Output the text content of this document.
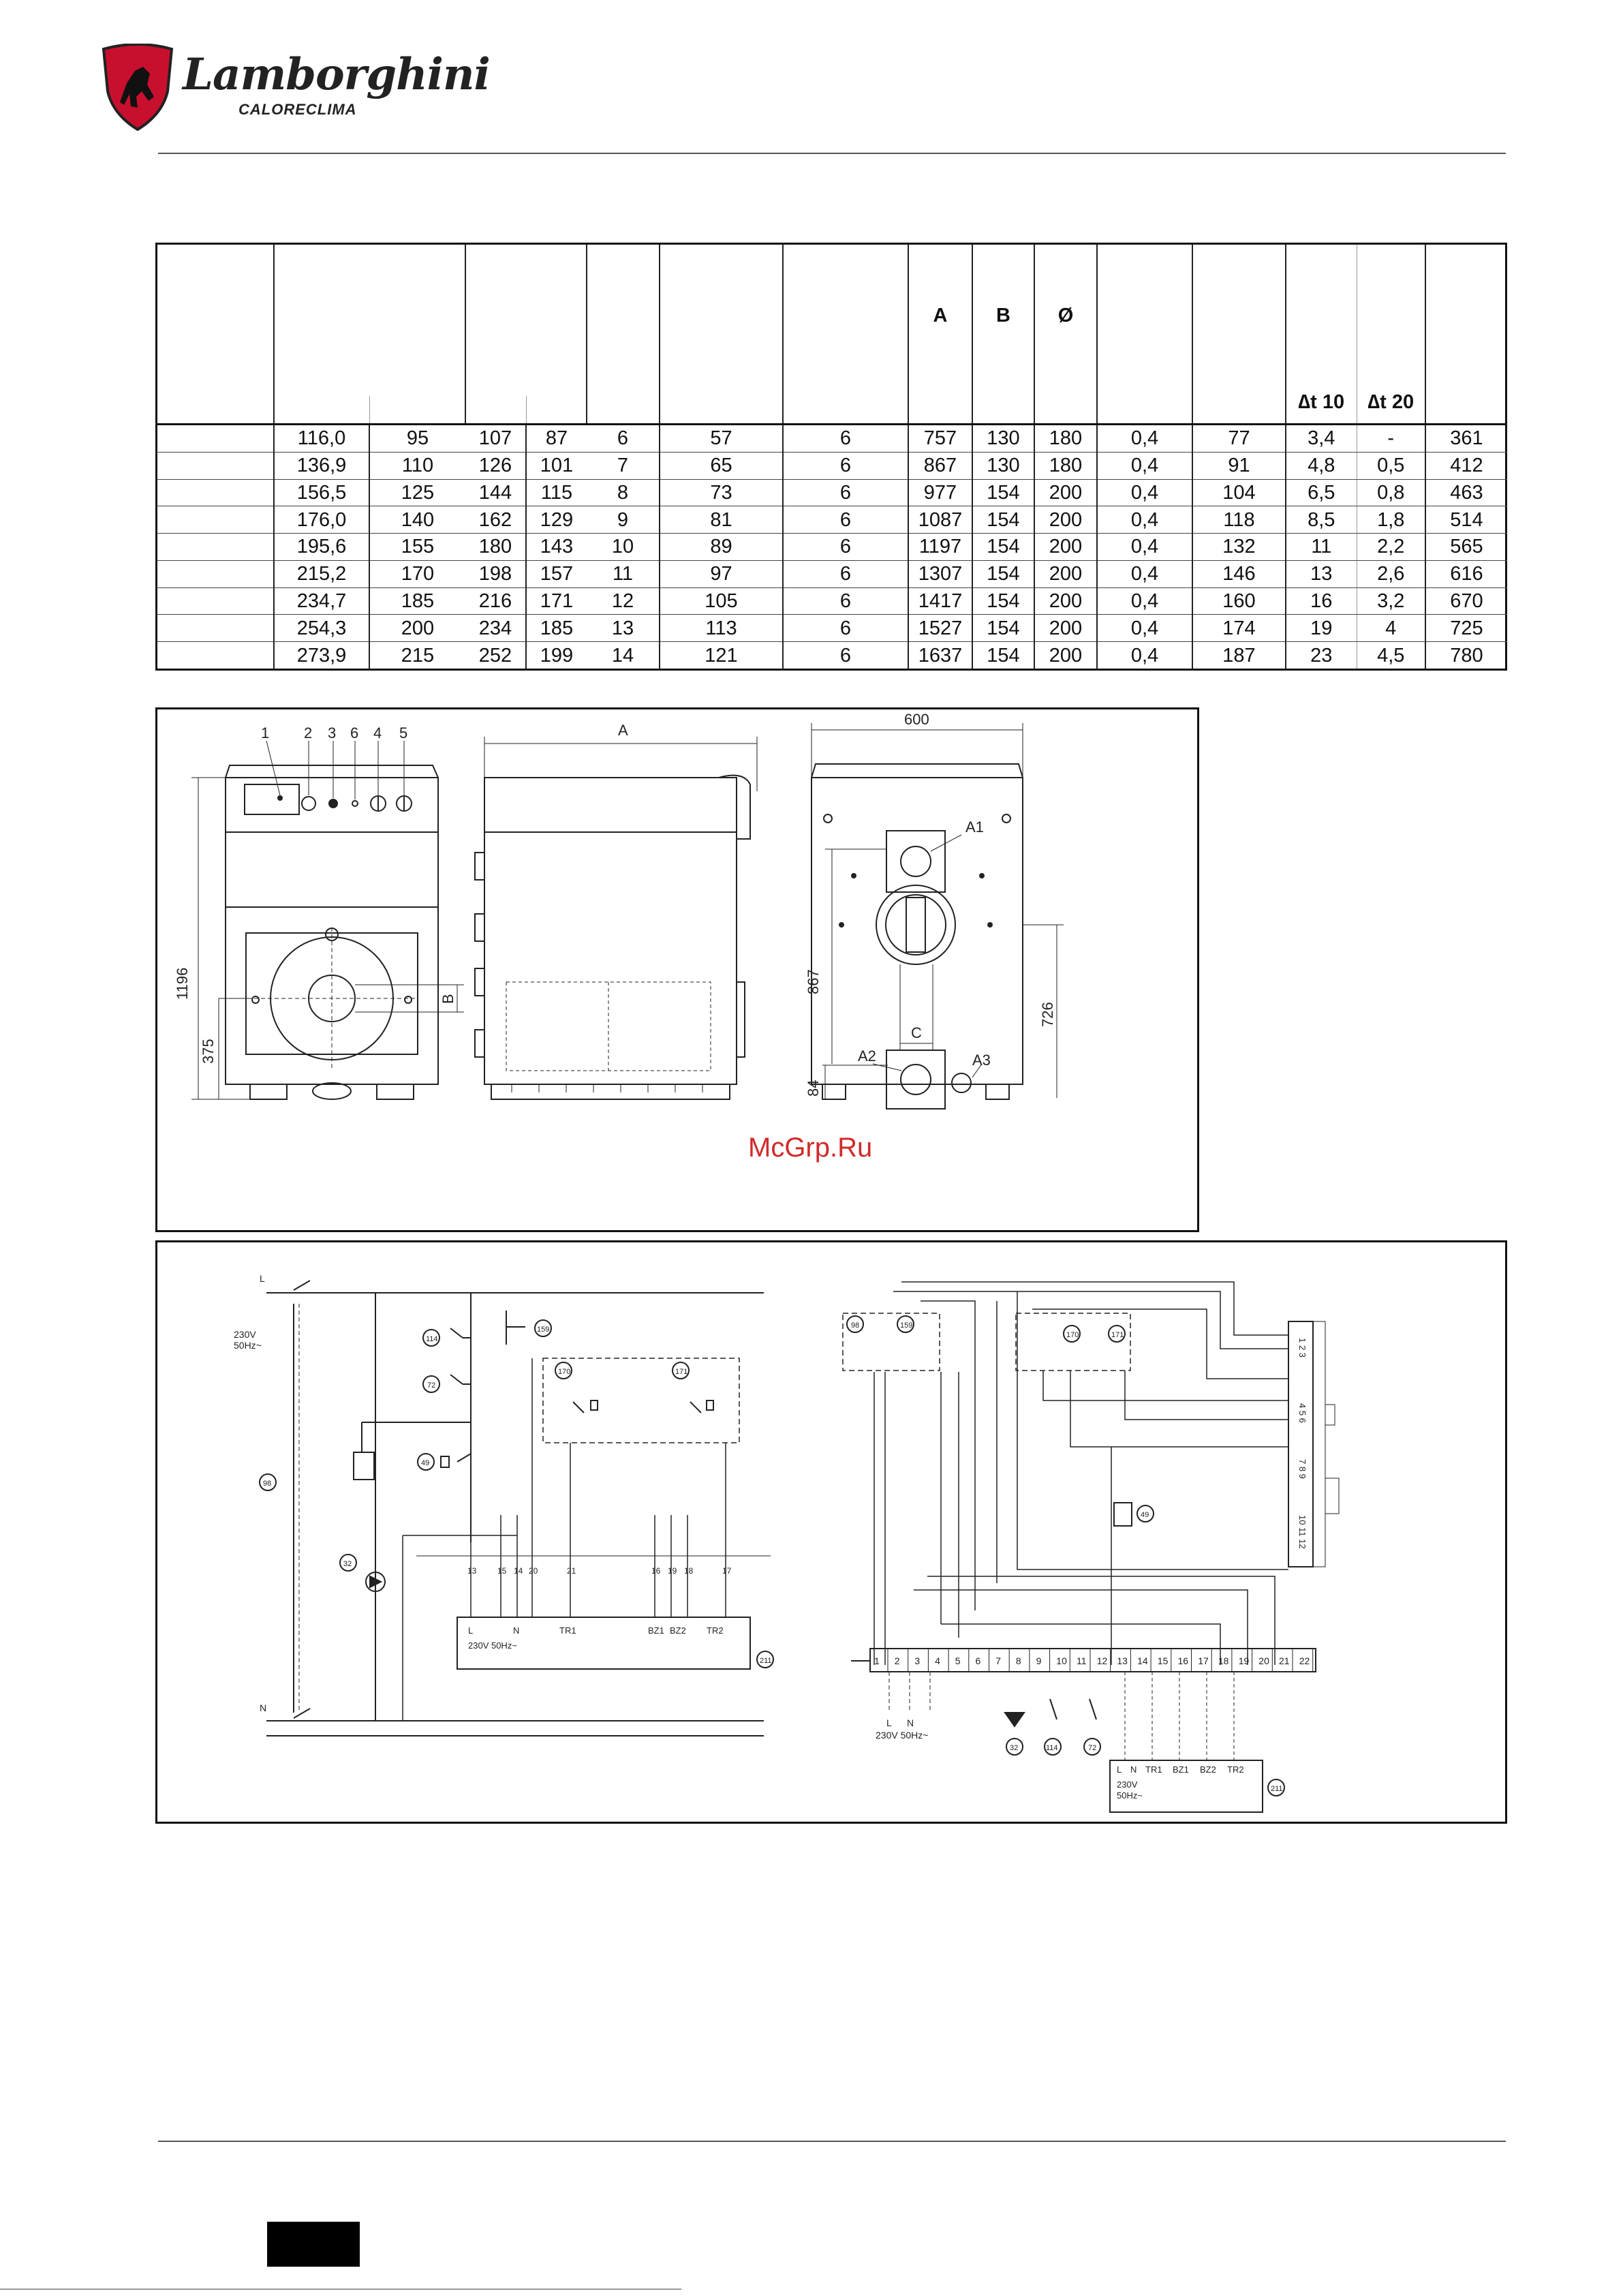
Lamborghini
CALORECLIMA

								A	B	Ø			∆t 10	∆t 20	

	116,0	95	107	87	6	57	6	757	130	180	0,4	77	3,4	-	361
	136,9	110	126	101	7	65	6	867	130	180	0,4	91	4,8	0,5	412
	156,5	125	144	115	8	73	6	977	154	200	0,4	104	6,5	0,8	463
	176,0	140	162	129	9	81	6	1087	154	200	0,4	118	8,5	1,8	514
	195,6	155	180	143	10	89	6	1197	154	200	0,4	132	11	2,2	565
	215,2	170	198	157	11	97	6	1307	154	200	0,4	146	13	2,6	616
	234,7	185	216	171	12	105	6	1417	154	200	0,4	160	16	3,2	670
	254,3	200	234	185	13	113	6	1527	154	200	0,4	174	19	4	725
	273,9	215	252	199	14	121	6	1637	154	200	0,4	187	23	4,5	780
1 2 3 6 4 5
1196
375
B
A
600
C
A1
A2	A3
867
726
84
McGrp.Ru
L
N
230V
50Hz~
98
114
72
159
49
32
170	171
13	15 14 20	21	16 19 18	17
L	N	TR1	BZ1 BZ2 TR2
230V 50Hz~
211
98	159
170	171
49
1 2 3
4 5 6
7 8 9
10 11 12
1 2 3 4 5 6 7 8 9 10 11 12 13 14 15 16 17 18 19 20 21 22
L N
230V 50Hz~
32	114	72
L N TR1 BZ1 BZ2 TR2
230V
50Hz~
211
